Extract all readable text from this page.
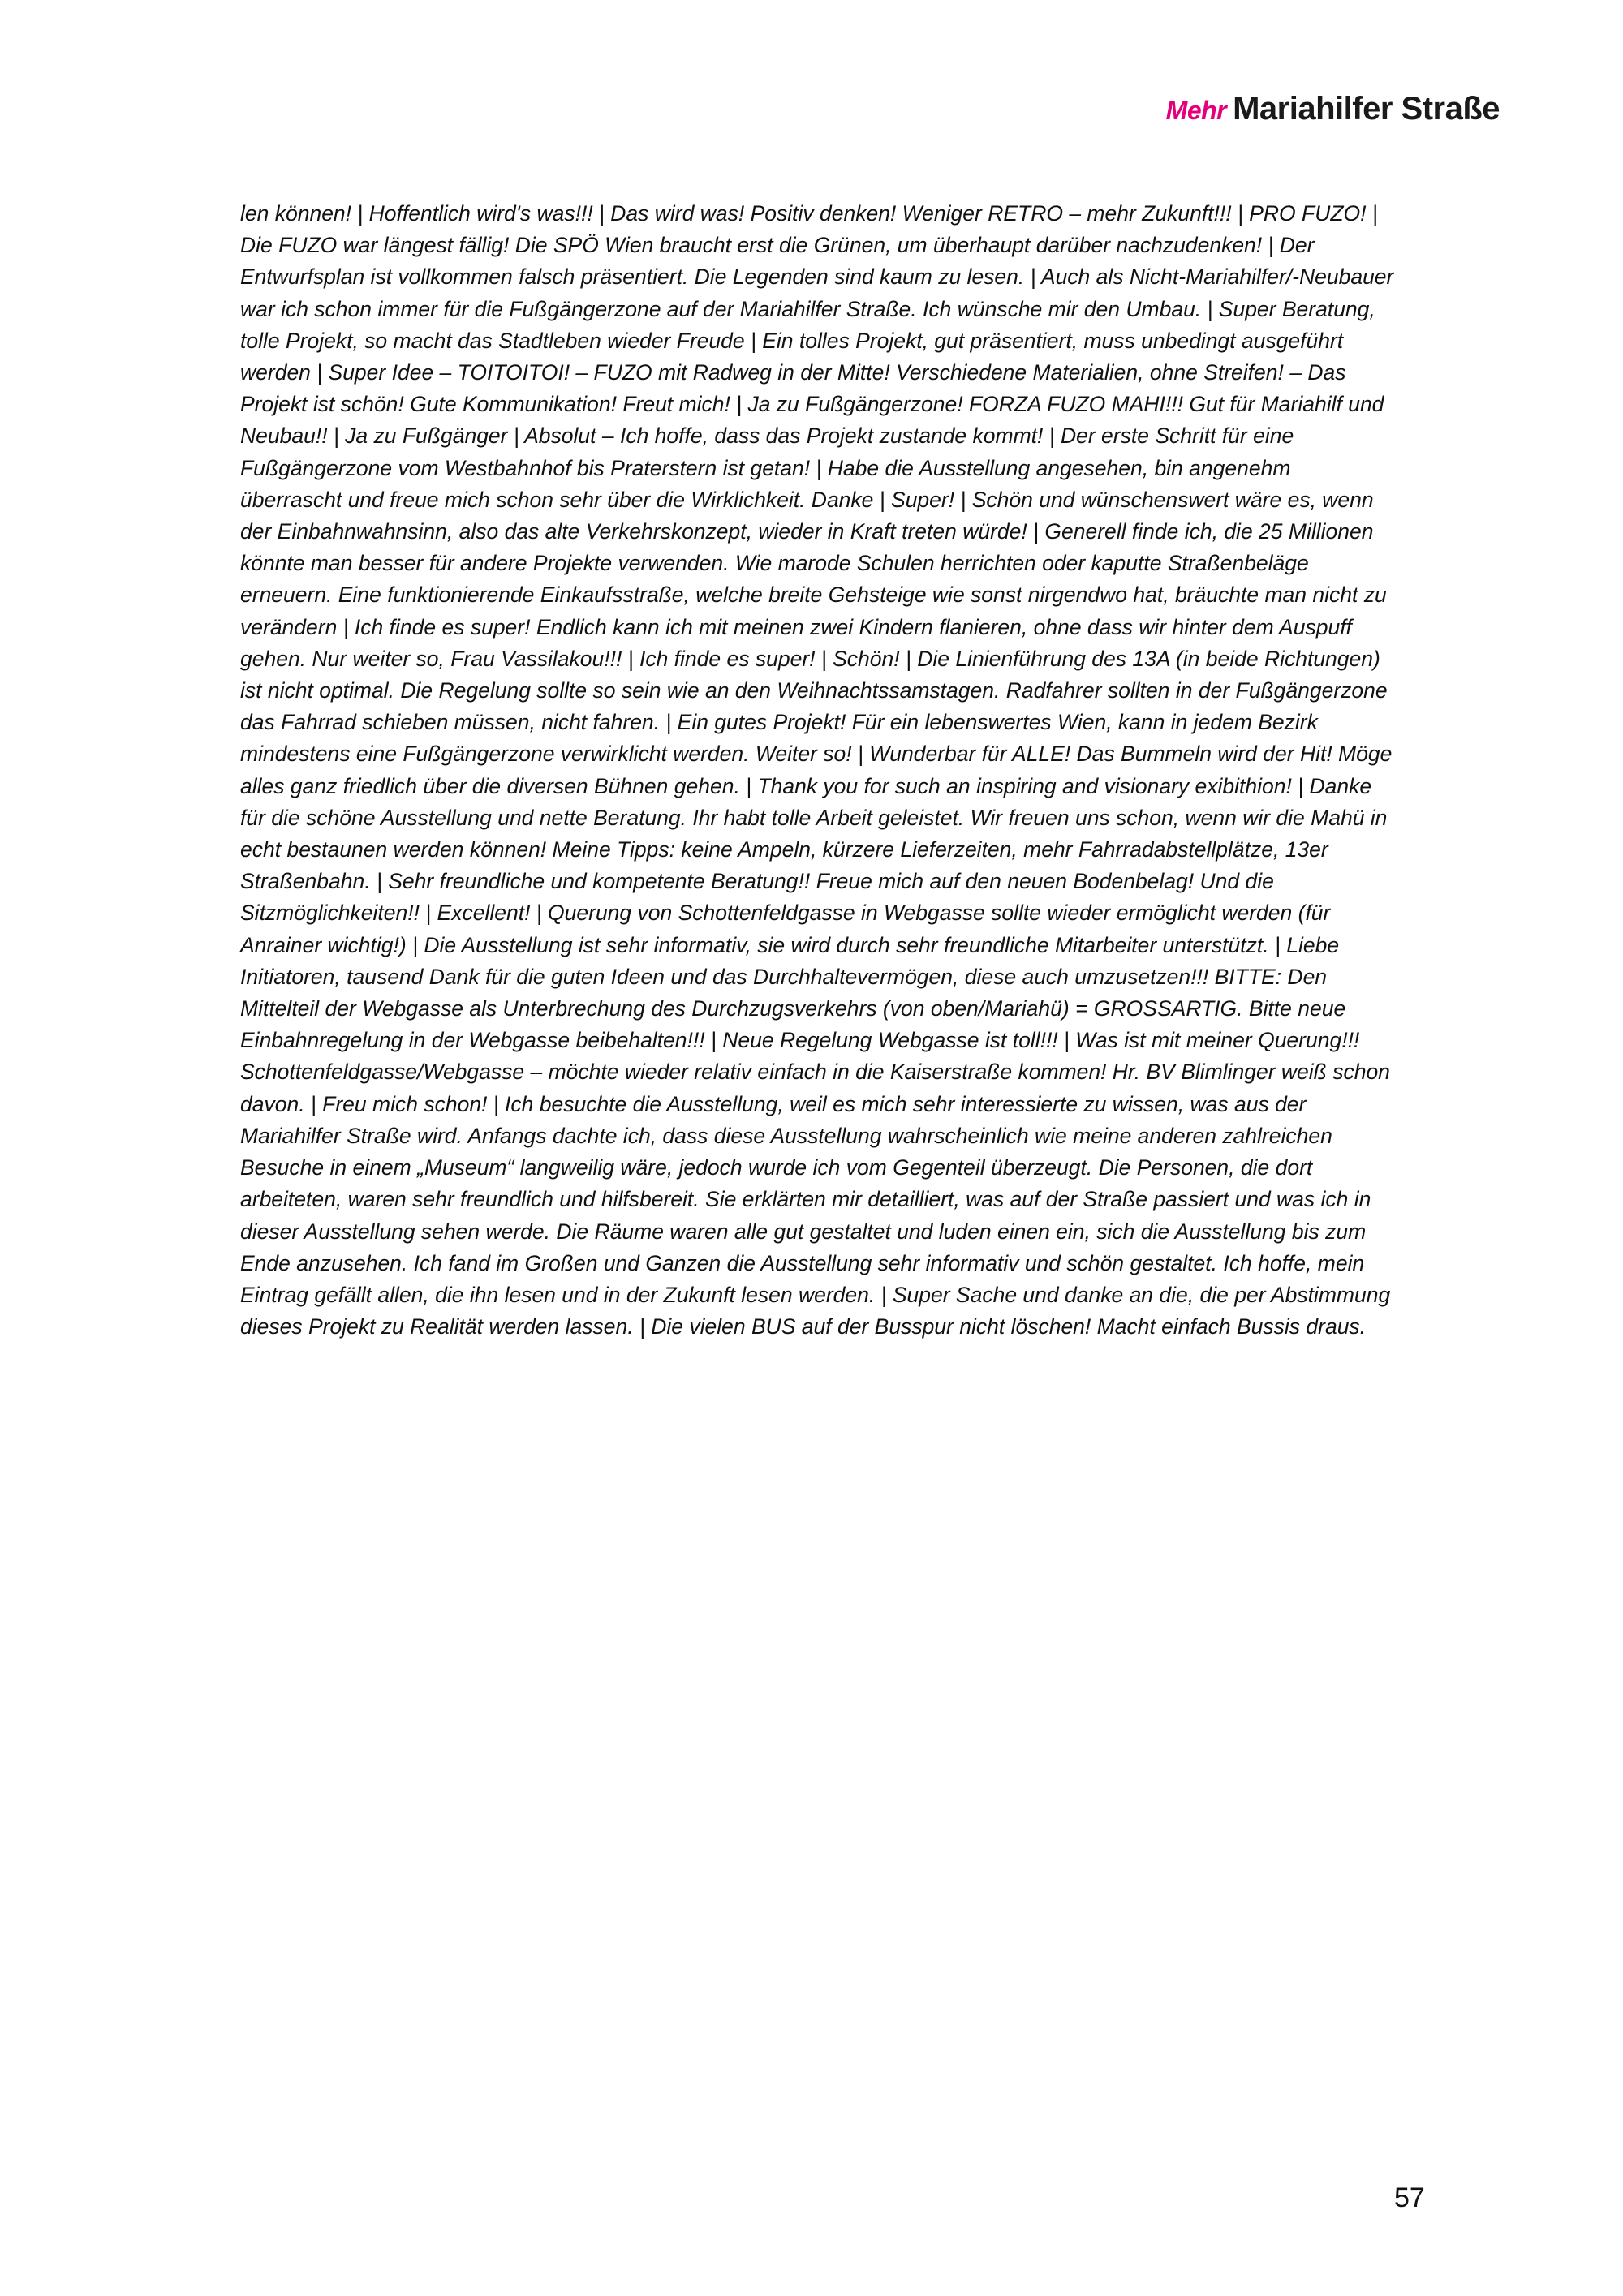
Mehr Mariahilfer Straße

len können! | Hoffentlich wird's was!!! | Das wird was! Positiv denken! Weniger RETRO – mehr Zukunft!!! | PRO FUZO! | Die FUZO war längest fällig! Die SPÖ Wien braucht erst die Grünen, um überhaupt darüber nachzudenken! | Der Entwurfsplan ist vollkommen falsch präsentiert. Die Legenden sind kaum zu lesen. | Auch als Nicht-Mariahilfer/-Neubauer war ich schon immer für die Fußgängerzone auf der Mariahilfer Straße. Ich wünsche mir den Umbau. | Super Beratung, tolle Projekt, so macht das Stadtleben wieder Freude | Ein tolles Projekt, gut präsentiert, muss unbedingt ausgeführt werden | Super Idee – TOITOITOI! – FUZO mit Radweg in der Mitte! Verschiedene Materialien, ohne Streifen! – Das Projekt ist schön! Gute Kommunikation! Freut mich! | Ja zu Fußgängerzone! FORZA FUZO MAHI!!! Gut für Mariahilf und Neubau!! | Ja zu Fußgänger | Absolut – Ich hoffe, dass das Projekt zustande kommt! | Der erste Schritt für eine Fußgängerzone vom Westbahnhof bis Praterstern ist getan! | Habe die Ausstellung angesehen, bin angenehm überrascht und freue mich schon sehr über die Wirklichkeit. Danke | Super! | Schön und wünschenswert wäre es, wenn der Einbahnwahnsinn, also das alte Verkehrskonzept, wieder in Kraft treten würde! | Generell finde ich, die 25 Millionen könnte man besser für andere Projekte verwenden. Wie marode Schulen herrichten oder kaputte Straßenbeläge erneuern. Eine funktionierende Einkaufsstraße, welche breite Gehsteige wie sonst nirgendwo hat, bräuchte man nicht zu verändern | Ich finde es super! Endlich kann ich mit meinen zwei Kindern flanieren, ohne dass wir hinter dem Auspuff gehen. Nur weiter so, Frau Vassilakou!!! | Ich finde es super! | Schön! | Die Linienführung des 13A (in beide Richtungen) ist nicht optimal. Die Regelung sollte so sein wie an den Weihnachtssamstagen. Radfahrer sollten in der Fußgängerzone das Fahrrad schieben müssen, nicht fahren. | Ein gutes Projekt! Für ein lebenswertes Wien, kann in jedem Bezirk mindestens eine Fußgängerzone verwirklicht werden. Weiter so! | Wunderbar für ALLE! Das Bummeln wird der Hit! Möge alles ganz friedlich über die diversen Bühnen gehen. | Thank you for such an inspiring and visionary exibithion! | Danke für die schöne Ausstellung und nette Beratung. Ihr habt tolle Arbeit geleistet. Wir freuen uns schon, wenn wir die Mahü in echt bestaunen werden können! Meine Tipps: keine Ampeln, kürzere Lieferzeiten, mehr Fahrradabstellplätze, 13er Straßenbahn. | Sehr freundliche und kompetente Beratung!! Freue mich auf den neuen Bodenbelag! Und die Sitzmöglichkeiten!! | Excellent! | Querung von Schottenfeldgasse in Webgasse sollte wieder ermöglicht werden (für Anrainer wichtig!) | Die Ausstellung ist sehr informativ, sie wird durch sehr freundliche Mitarbeiter unterstützt. | Liebe Initiatoren, tausend Dank für die guten Ideen und das Durchhaltevermögen, diese auch umzusetzen!!! BITTE: Den Mittelteil der Webgasse als Unterbrechung des Durchzugsverkehrs (von oben/Mariahü) = GROSSARTIG. Bitte neue Einbahnregelung in der Webgasse beibehalten!!! | Neue Regelung Webgasse ist toll!!! | Was ist mit meiner Querung!!! Schottenfeldgasse/Webgasse – möchte wieder relativ einfach in die Kaiserstraße kommen! Hr. BV Blimlinger weiß schon davon. | Freu mich schon! | Ich besuchte die Ausstellung, weil es mich sehr interessierte zu wissen, was aus der Mariahilfer Straße wird. Anfangs dachte ich, dass diese Ausstellung wahrscheinlich wie meine anderen zahlreichen Besuche in einem „Museum“ langweilig wäre, jedoch wurde ich vom Gegenteil überzeugt. Die Personen, die dort arbeiteten, waren sehr freundlich und hilfsbereit. Sie erklärten mir detailliert, was auf der Straße passiert und was ich in dieser Ausstellung sehen werde. Die Räume waren alle gut gestaltet und luden einen ein, sich die Ausstellung bis zum Ende anzusehen. Ich fand im Großen und Ganzen die Ausstellung sehr informativ und schön gestaltet. Ich hoffe, mein Eintrag gefällt allen, die ihn lesen und in der Zukunft lesen werden. | Super Sache und danke an die, die per Abstimmung dieses Projekt zu Realität werden lassen. | Die vielen BUS auf der Busspur nicht löschen! Macht einfach Bussis draus.

57
